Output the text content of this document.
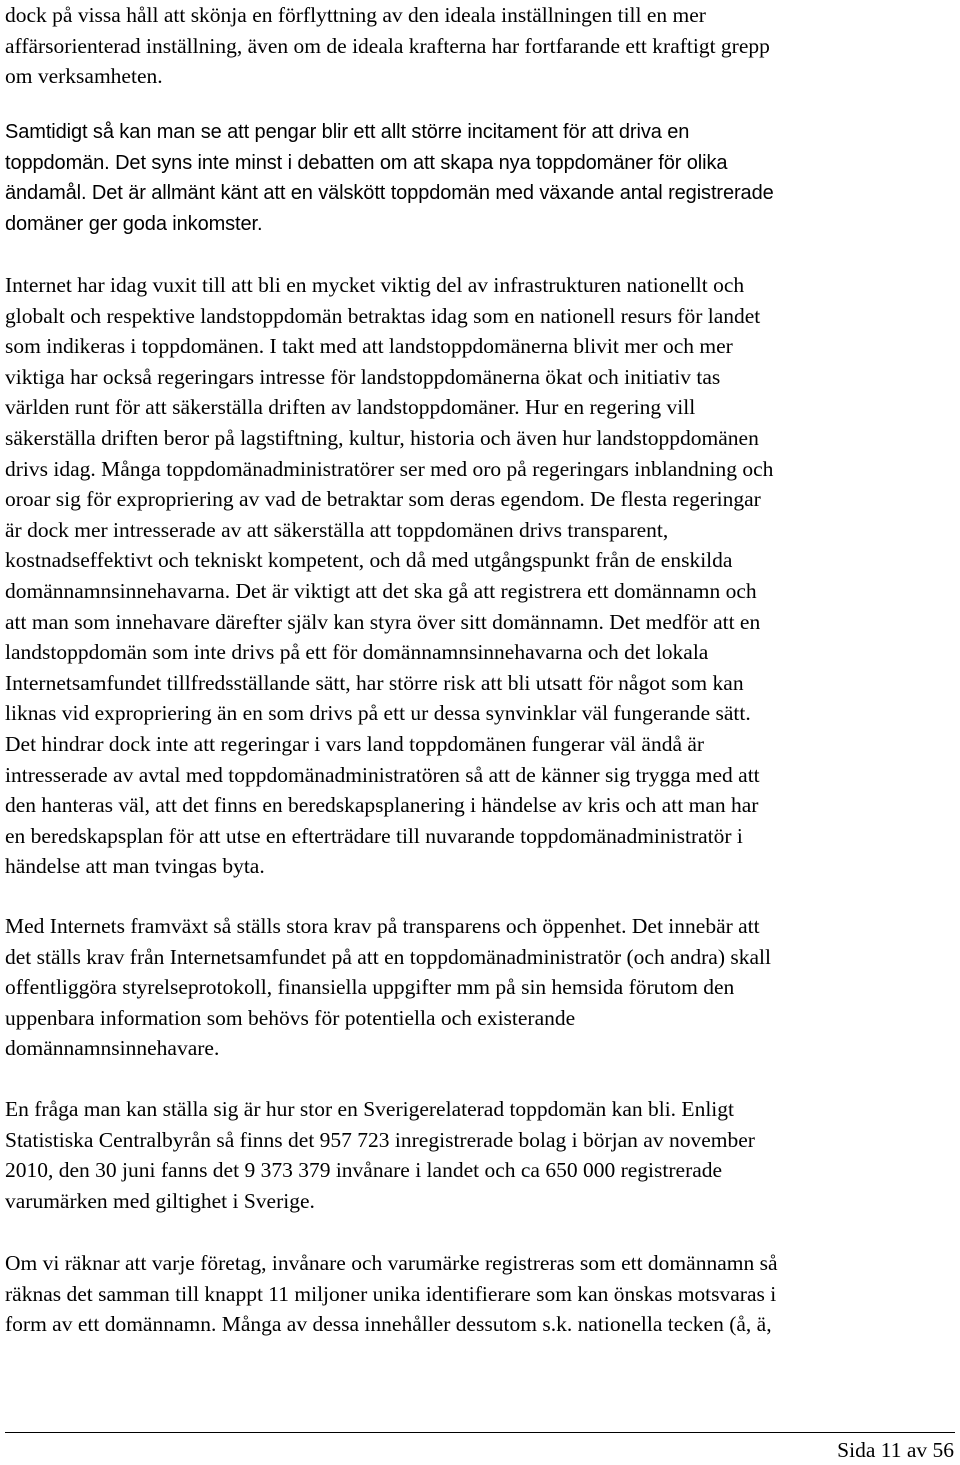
dock på vissa håll att skönja en förflyttning av den ideala inställningen till en mer
affärsorienterad inställning, även om de ideala krafterna har fortfarande ett kraftigt grepp
om verksamheten.
Samtidigt så kan man se att pengar blir ett allt större incitament för att driva en
toppdomän. Det syns inte minst i debatten om att skapa nya toppdomäner för olika
ändamål. Det är allmänt känt att en välskött toppdomän med växande antal registrerade
domäner ger goda inkomster.
Internet har idag vuxit till att bli en mycket viktig del av infrastrukturen nationellt och
globalt och respektive landstoppdomän betraktas idag som en nationell resurs för landet
som indikeras i toppdomänen. I takt med att landstoppdomänerna blivit mer och mer
viktiga har också regeringars intresse för landstoppdomänerna ökat och initiativ tas
världen runt för att säkerställa driften av landstoppdomäner. Hur en regering vill
säkerställa driften beror på lagstiftning, kultur, historia och även hur landstoppdomänen
drivs idag. Många toppdomänadministratörer ser med oro på regeringars inblandning och
oroar sig för expropriering av vad de betraktar som deras egendom. De flesta regeringar
är dock mer intresserade av att säkerställa att toppdomänen drivs transparent,
kostnadseffektivt och tekniskt kompetent, och då med utgångspunkt från de enskilda
domännamnsinnehavarna. Det är viktigt att det ska gå att registrera ett domännamn och
att man som innehavare därefter själv kan styra över sitt domännamn. Det medför att en
landstoppdomän som inte drivs på ett för domännamnsinnehavarna och det lokala
Internetsamfundet tillfredsställande sätt, har större risk att bli utsatt för något som kan
liknas vid expropriering än en som drivs på ett ur dessa synvinklar väl fungerande sätt.
Det hindrar dock inte att regeringar i vars land toppdomänen fungerar väl ändå är
intresserade av avtal med toppdomänadministratören så att de känner sig trygga med att
den hanteras väl, att det finns en beredskapsplanering i händelse av kris och att man har
en beredskapsplan för att utse en efterträdare till nuvarande toppdomänadministratör i
händelse att man tvingas byta.
Med Internets framväxt så ställs stora krav på transparens och öppenhet. Det innebär att
det ställs krav från Internetsamfundet på att en toppdomänadministratör (och andra) skall
offentliggöra styrelseprotokoll, finansiella uppgifter mm på sin hemsida förutom den
uppenbara information som behövs för potentiella och existerande
domännamnsinnehavare.
En fråga man kan ställa sig är hur stor en Sverigerelaterad toppdomän kan bli. Enligt
Statistiska Centralbyrån så finns det 957 723 inregistrerade bolag i början av november
2010, den 30 juni fanns det 9 373 379 invånare i landet och ca 650 000 registrerade
varumärken med giltighet i Sverige.
Om vi räknar att varje företag, invånare och varumärke registreras som ett domännamn så
räknas det samman till knappt 11 miljoner unika identifierare som kan önskas motsvaras i
form av ett domännamn. Många av dessa innehåller dessutom s.k. nationella tecken (å, ä,
Sida 11 av 56
